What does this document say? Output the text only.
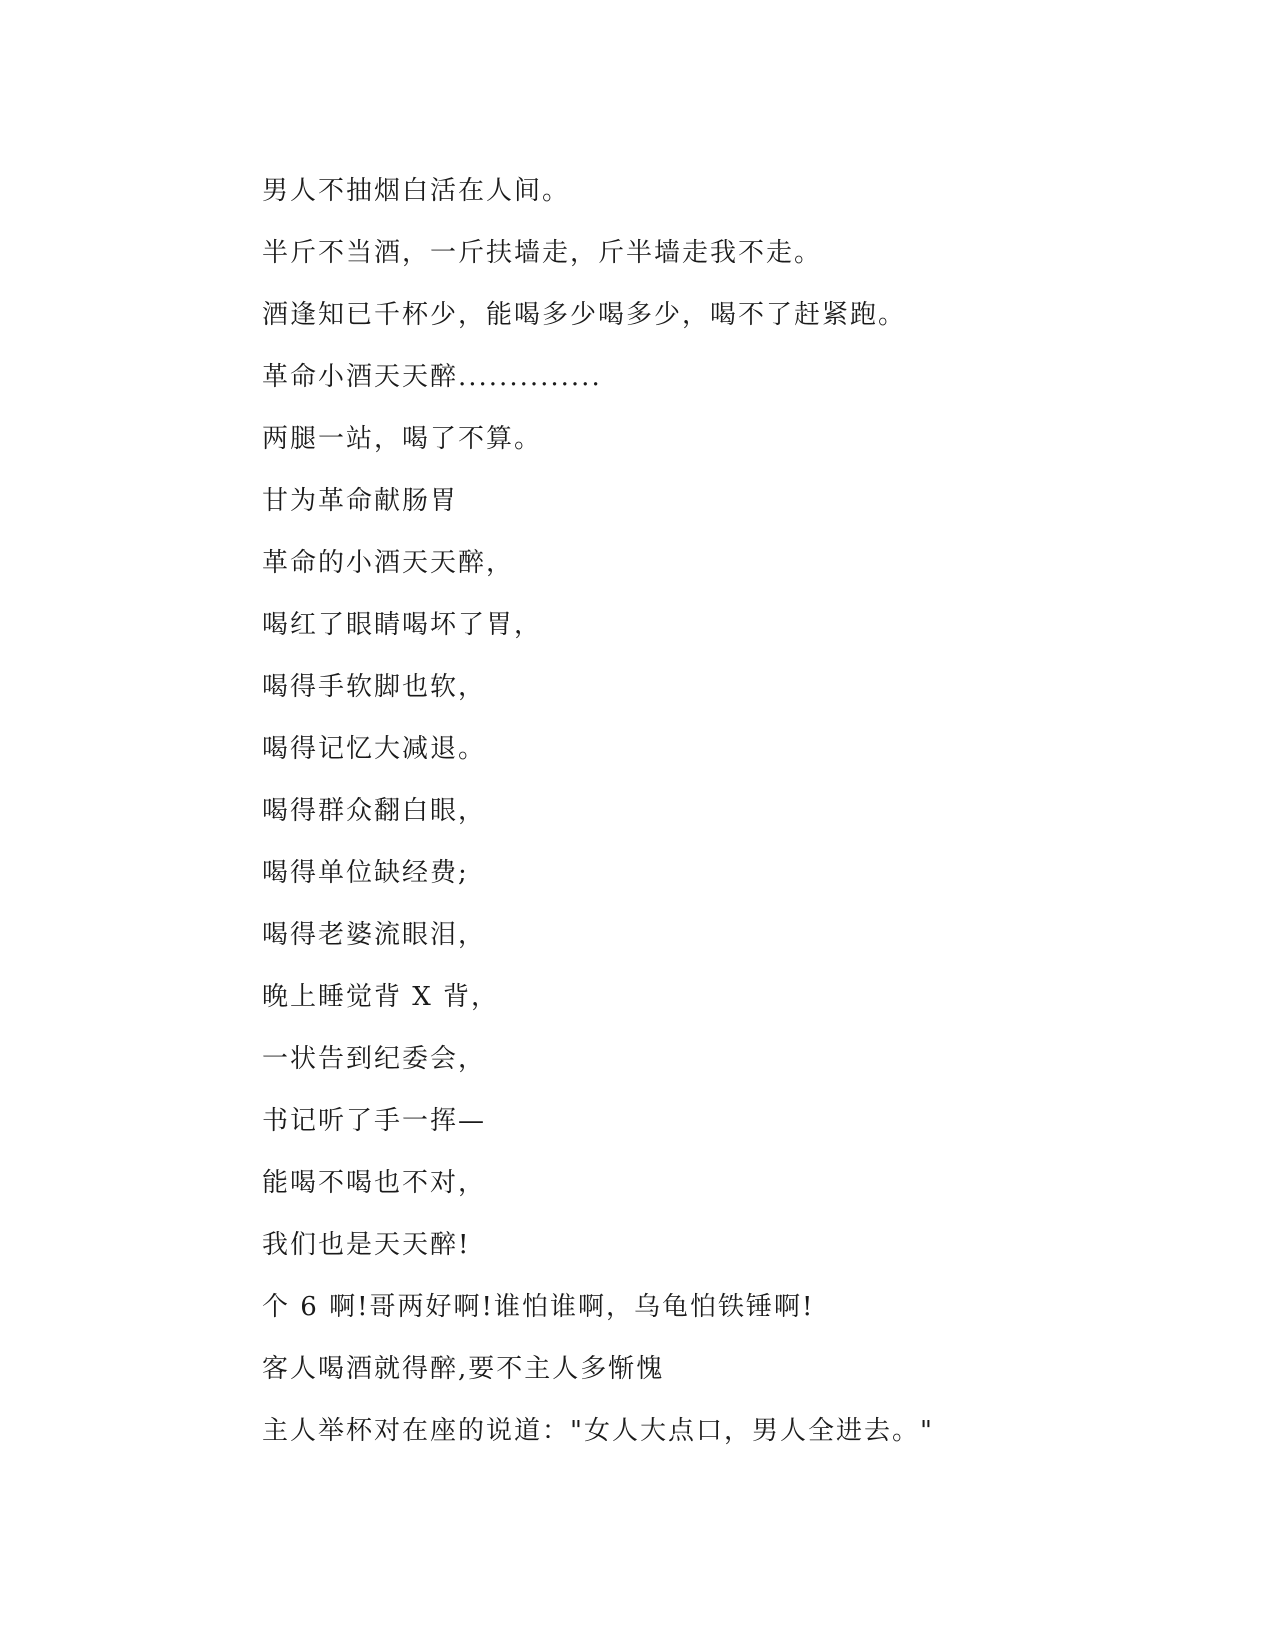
男人不抽烟白活在人间。
半斤不当酒，一斤扶墙走，斤半墙走我不走。
酒逢知已千杯少，能喝多少喝多少，喝不了赶紧跑。
革命小酒天天醉..............
两腿一站，喝了不算。
甘为革命献肠胃
革命的小酒天天醉，
喝红了眼睛喝坏了胃，
喝得手软脚也软，
喝得记忆大减退。
喝得群众翻白眼，
喝得单位缺经费;
喝得老婆流眼泪，
晚上睡觉背 X 背，
一状告到纪委会，
书记听了手一挥—
能喝不喝也不对，
我们也是天天醉!
个 6 啊!哥两好啊!谁怕谁啊，乌龟怕铁锤啊!
客人喝酒就得醉,要不主人多惭愧
主人举杯对在座的说道："女人大点口，男人全进去。"
